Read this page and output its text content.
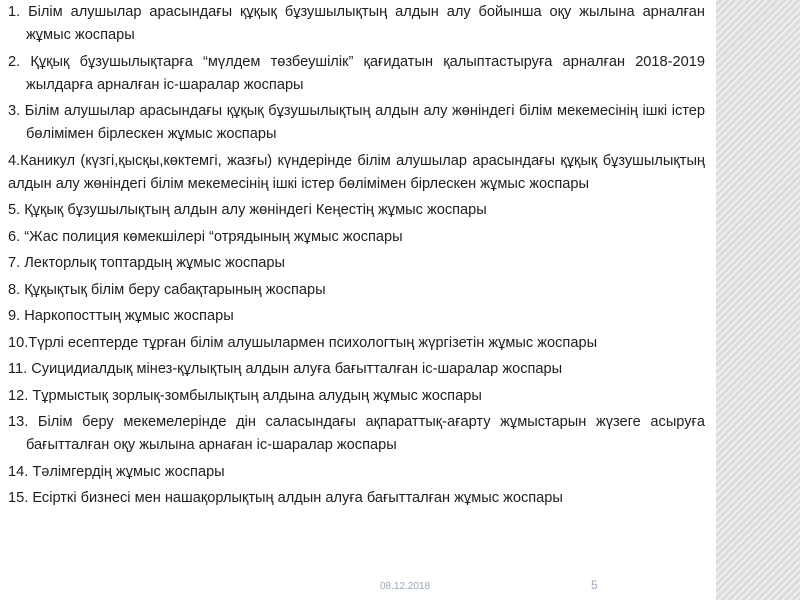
1. Білім алушылар арасындағы құқық бұзушылықтың алдын алу бойынша оқу жылына арналған жұмыс жоспары
2. Құқық бұзушылықтарға “мүлдем төзбеушілік” қағидатын қалыптастыруға арналған 2018-2019 жылдарға арналған іс-шаралар жоспары
3. Білім алушылар арасындағы құқық бұзушылықтың алдын алу жөніндегі білім мекемесінің ішкі істер бөлімімен бірлескен жұмыс жоспары
4.Каникул (күзгі,қысқы,көктемгі, жазғы) күндерінде білім алушылар арасындағы құқық бұзушылықтың алдын алу жөніндегі білім мекемесінің ішкі істер бөлімімен бірлескен жұмыс жоспары
5. Құқық бұзушылықтың алдын алу жөніндегі Кеңестің жұмыс жоспары
6. “Жас полиция көмекшілері “отрядының жұмыс жоспары
7. Лекторлық топтардың жұмыс жоспары
8. Құқықтық білім беру сабақтарының жоспары
9. Наркопосттың жұмыс жоспары
10.Түрлі есептерде тұрған білім алушылармен психологтың жүргізетін жұмыс жоспары
11. Суицидиалдық мінез-құлықтың алдын алуға бағытталған іс-шаралар жоспары
12. Тұрмыстық зорлық-зомбылықтың алдына алудың жұмыс жоспары
13. Білім беру мекемелерінде дін саласындағы ақпараттық-ағарту жұмыстарын жүзеге асыруға бағытталған оқу жылына арнаған іс-шаралар жоспары
14. Тәлімгердің жұмыс жоспары
15. Есірткі бизнесі мен нашақорлықтың алдын алуға бағытталған жұмыс жоспары
08.12.2018	5
